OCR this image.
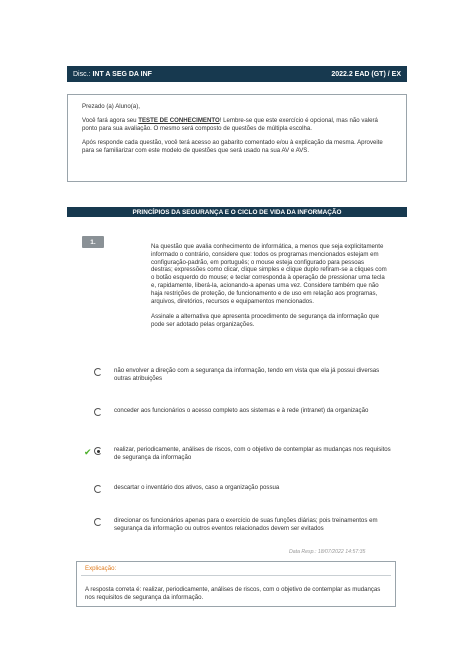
Disc.: INT A SEG DA INF	2022.2 EAD (GT) / EX

Prezado (a) Aluno(a),

Você fará agora seu TESTE DE CONHECIMENTO! Lembre-se que este exercício é opcional, mas não valerá ponto para sua avaliação. O mesmo será composto de questões de múltipla escolha.

Após responde cada questão, você terá acesso ao gabarito comentado e/ou à explicação da mesma. Aproveite para se familiarizar com este modelo de questões que será usado na sua AV e AVS.

PRINCÍPIOS DA SEGURANÇA E O CICLO DE VIDA DA INFORMAÇÃO
1.

Na questão que avalia conhecimento de informática, a menos que seja explicitamente informado o contrário, considere que: todos os programas mencionados estejam em configuração-padrão, em português; o mouse esteja configurado para pessoas destras; expressões como clicar, clique simples e clique duplo refiram-se a cliques com o botão esquerdo do mouse; e teclar corresponda à operação de pressionar uma tecla e, rapidamente, liberá-la, acionando-a apenas uma vez. Considere também que não haja restrições de proteção, de funcionamento e de uso em relação aos programas, arquivos, diretórios, recursos e equipamentos mencionados.

Assinale a alternativa que apresenta procedimento de segurança da informação que pode ser adotado pelas organizações.

não envolver a direção com a segurança da informação, tendo em vista que ela já possui diversas outras atribuições
conceder aos funcionários o acesso completo aos sistemas e à rede (intranet) da organização
✔	realizar, periodicamente, análises de riscos, com o objetivo de contemplar as mudanças nos requisitos de segurança da informação
descartar o inventário dos ativos, caso a organização possua
direcionar os funcionários apenas para o exercício de suas funções diárias; pois treinamentos em segurança da informação ou outros eventos relacionados devem ser evitados
Data Resp.: 18/07/2022 14:57:35
Explicação:
A resposta correta é: realizar, periodicamente, análises de riscos, com o objetivo de contemplar as mudanças nos requisitos de segurança da informação.
